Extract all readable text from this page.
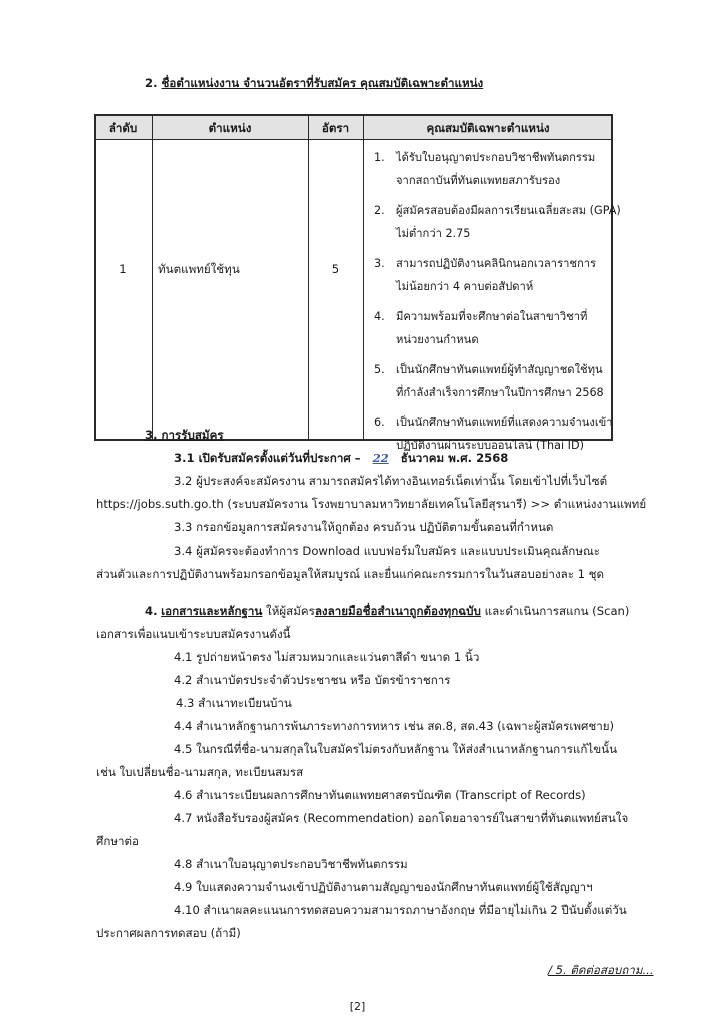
2. ชื่อตำแหน่งงาน จำนวนอัตราที่รับสมัคร คุณสมบัติเฉพาะตำแหน่ง
ลำดับ	ตำแหน่ง	อัตรา	คุณสมบัติเฉพาะตำแหน่ง
1	ทันตแพทย์ใช้ทุน	5
1. ได้รับใบอนุญาตประกอบวิชาชีพทันตกรรม
จากสถาบันที่ทันตแพทยสภารับรอง
2. ผู้สมัครสอบต้องมีผลการเรียนเฉลี่ยสะสม (GPA)
ไม่ต่ำกว่า 2.75
3. สามารถปฏิบัติงานคลินิกนอกเวลาราชการ
ไม่น้อยกว่า 4 คาบต่อสัปดาห์
4. มีความพร้อมที่จะศึกษาต่อในสาขาวิชาที่
หน่วยงานกำหนด
5. เป็นนักศึกษาทันตแพทย์ผู้ทำสัญญาชดใช้ทุน
ที่กำลังสำเร็จการศึกษาในปีการศึกษา 2568
6. เป็นนักศึกษาทันตแพทย์ที่แสดงความจำนงเข้า
ปฏิบัติงานผ่านระบบออนไลน์ (Thai ID)
3. การรับสมัคร
3.1 เปิดรับสมัครตั้งแต่วันที่ประกาศ – 22 ธันวาคม พ.ศ. 2568
3.2 ผู้ประสงค์จะสมัครงาน สามารถสมัครได้ทางอินเทอร์เน็ตเท่านั้น โดยเข้าไปที่เว็บไซต์
https://jobs.suth.go.th (ระบบสมัครงาน โรงพยาบาลมหาวิทยาลัยเทคโนโลยีสุรนารี) >> ตำแหน่งงานแพทย์
3.3 กรอกข้อมูลการสมัครงานให้ถูกต้อง ครบถ้วน ปฏิบัติตามขั้นตอนที่กำหนด
3.4 ผู้สมัครจะต้องทำการ Download แบบฟอร์มใบสมัคร และแบบประเมินคุณลักษณะ
ส่วนตัวและการปฏิบัติงานพร้อมกรอกข้อมูลให้สมบูรณ์ และยื่นแก่คณะกรรมการในวันสอบอย่างละ 1 ชุด
4. เอกสารและหลักฐาน ให้ผู้สมัครลงลายมือชื่อสำเนาถูกต้องทุกฉบับ และดำเนินการสแกน (Scan)
เอกสารเพื่อแนบเข้าระบบสมัครงานดังนี้
4.1 รูปถ่ายหน้าตรง ไม่สวมหมวกและแว่นตาสีดำ ขนาด 1 นิ้ว
4.2 สำเนาบัตรประจำตัวประชาชน หรือ บัตรข้าราชการ
4.3 สำเนาทะเบียนบ้าน
4.4 สำเนาหลักฐานการพ้นภาระทางการทหาร เช่น สด.8, สด.43 (เฉพาะผู้สมัครเพศชาย)
4.5 ในกรณีที่ชื่อ-นามสกุลในใบสมัครไม่ตรงกับหลักฐาน ให้ส่งสำเนาหลักฐานการแก้ไขนั้น
เช่น ใบเปลี่ยนชื่อ-นามสกุล, ทะเบียนสมรส
4.6 สำเนาระเบียนผลการศึกษาทันตแพทยศาสตรบัณฑิต (Transcript of Records)
4.7 หนังสือรับรองผู้สมัคร (Recommendation) ออกโดยอาจารย์ในสาขาที่ทันตแพทย์สนใจ
ศึกษาต่อ
4.8 สำเนาใบอนุญาตประกอบวิชาชีพทันตกรรม
4.9 ใบแสดงความจำนงเข้าปฏิบัติงานตามสัญญาของนักศึกษาทันตแพทย์ผู้ใช้สัญญาฯ
4.10 สำเนาผลคะแนนการทดสอบความสามารถภาษาอังกฤษ ที่มีอายุไม่เกิน 2 ปีนับตั้งแต่วัน
ประกาศผลการทดสอบ (ถ้ามี)
/ 5. ติดต่อสอบถาม...
[2]
